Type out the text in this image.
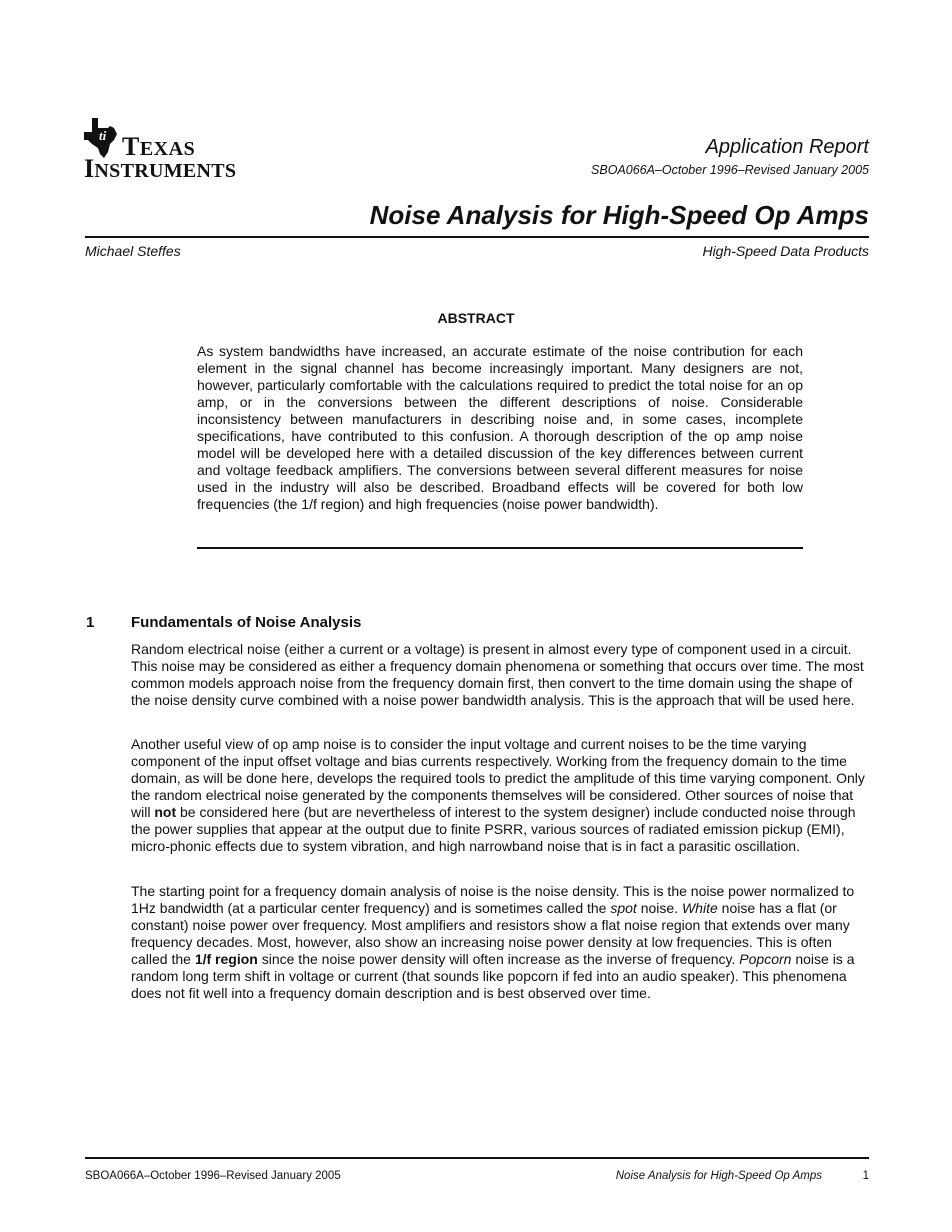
ti TEXAS
INSTRUMENTS
Application Report
SBOA066A–October 1996–Revised January 2005
Noise Analysis for High-Speed Op Amps
Michael Steffes	High-Speed Data Products
ABSTRACT
As system bandwidths have increased, an accurate estimate of the noise contribution for each element in the signal channel has become increasingly important. Many designers are not, however, particularly comfortable with the calculations required to predict the total noise for an op amp, or in the conversions between the different descriptions of noise. Considerable inconsistency between manufacturers in describing noise and, in some cases, incomplete specifications, have contributed to this confusion. A thorough description of the op amp noise model will be developed here with a detailed discussion of the key differences between current and voltage feedback amplifiers. The conversions between several different measures for noise used in the industry will also be described. Broadband effects will be covered for both low frequencies (the 1/f region) and high frequencies (noise power bandwidth).
1 Fundamentals of Noise Analysis
Random electrical noise (either a current or a voltage) is present in almost every type of component used in a circuit. This noise may be considered as either a frequency domain phenomena or something that occurs over time. The most common models approach noise from the frequency domain first, then convert to the time domain using the shape of the noise density curve combined with a noise power bandwidth analysis. This is the approach that will be used here.
Another useful view of op amp noise is to consider the input voltage and current noises to be the time varying component of the input offset voltage and bias currents respectively. Working from the frequency domain to the time domain, as will be done here, develops the required tools to predict the amplitude of this time varying component. Only the random electrical noise generated by the components themselves will be considered. Other sources of noise that will not be considered here (but are nevertheless of interest to the system designer) include conducted noise through the power supplies that appear at the output due to finite PSRR, various sources of radiated emission pickup (EMI), micro-phonic effects due to system vibration, and high narrowband noise that is in fact a parasitic oscillation.
The starting point for a frequency domain analysis of noise is the noise density. This is the noise power normalized to 1Hz bandwidth (at a particular center frequency) and is sometimes called the spot noise. White noise has a flat (or constant) noise power over frequency. Most amplifiers and resistors show a flat noise region that extends over many frequency decades. Most, however, also show an increasing noise power density at low frequencies. This is often called the 1/f region since the noise power density will often increase as the inverse of frequency. Popcorn noise is a random long term shift in voltage or current (that sounds like popcorn if fed into an audio speaker). This phenomena does not fit well into a frequency domain description and is best observed over time.
SBOA066A–October 1996–Revised January 2005	Noise Analysis for High-Speed Op Amps	1
